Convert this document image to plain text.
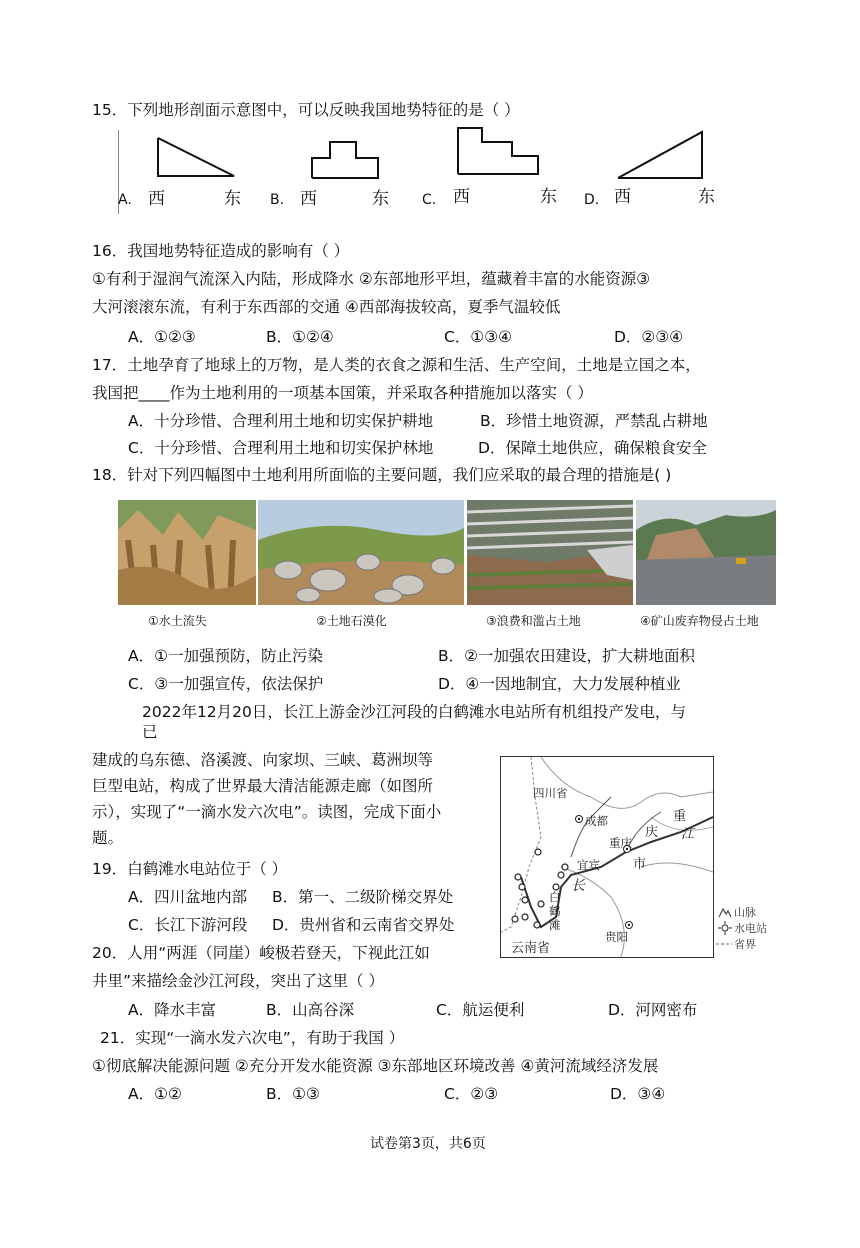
15．下列地形剖面示意图中，可以反映我国地势特征的是（ ）
A. 西	东 B. 西	东 C. 西	东 D. 西	东
16．我国地势特征造成的影响有（ ）
①有利于湿润气流深入内陆，形成降水 ②东部地形平坦，蕴藏着丰富的水能资源③
大河滚滚东流，有利于东西部的交通 ④西部海拔较高，夏季气温较低
A．①②③	B．①②④	C．①③④	D．②③④
17．土地孕育了地球上的万物，是人类的衣食之源和生活、生产空间，土地是立国之本，
我国把____作为土地利用的一项基本国策，并采取各种措施加以落实（ ）
A．十分珍惜、合理利用土地和切实保护耕地	B．珍惜土地资源，严禁乱占耕地
C．十分珍惜、合理利用土地和切实保护林地	D．保障土地供应，确保粮食安全
18．针对下列四幅图中土地利用所面临的主要问题，我们应采取的最合理的措施是( )
①水土流失	②土地石漠化	③浪费和滥占土地	④矿山废弃物侵占土地
A．①一加强预防，防止污染	B．②一加强农田建设，扩大耕地面积
C．③一加强宣传，依法保护	D．④一因地制宜，大力发展种植业
2022年12月20日，长江上游金沙江河段的白鹤滩水电站所有机组投产发电，与
已
建成的乌东德、洛溪渡、向家坝、三峡、葛洲坝等
巨型电站，构成了世界最大清洁能源走廊（如图所
示），实现了“一滴水发六次电”。读图，完成下面小
题。
四川省
成都
重庆
重
庆
市
江
宜宾
长
白
鹤
滩
贵阳
云南省
山脉
水电站
省界
19．白鹤滩水电站位于（ ）
A．四川盆地内部 B．第一、二级阶梯交界处
C．长江下游河段 D．贵州省和云南省交界处
20．人用“两涯（同崖）峻极若登天，下视此江如
井里”来描绘金沙江河段，突出了这里（ ）
A．降水丰富	B．山高谷深	C．航运便利	D．河网密布
21．实现“一滴水发六次电”，有助于我国 ）
①彻底解决能源问题 ②充分开发水能资源 ③东部地区环境改善 ④黄河流域经济发展
A．①②	B．①③	C．②③	D．③④
试卷第3页，共6页
